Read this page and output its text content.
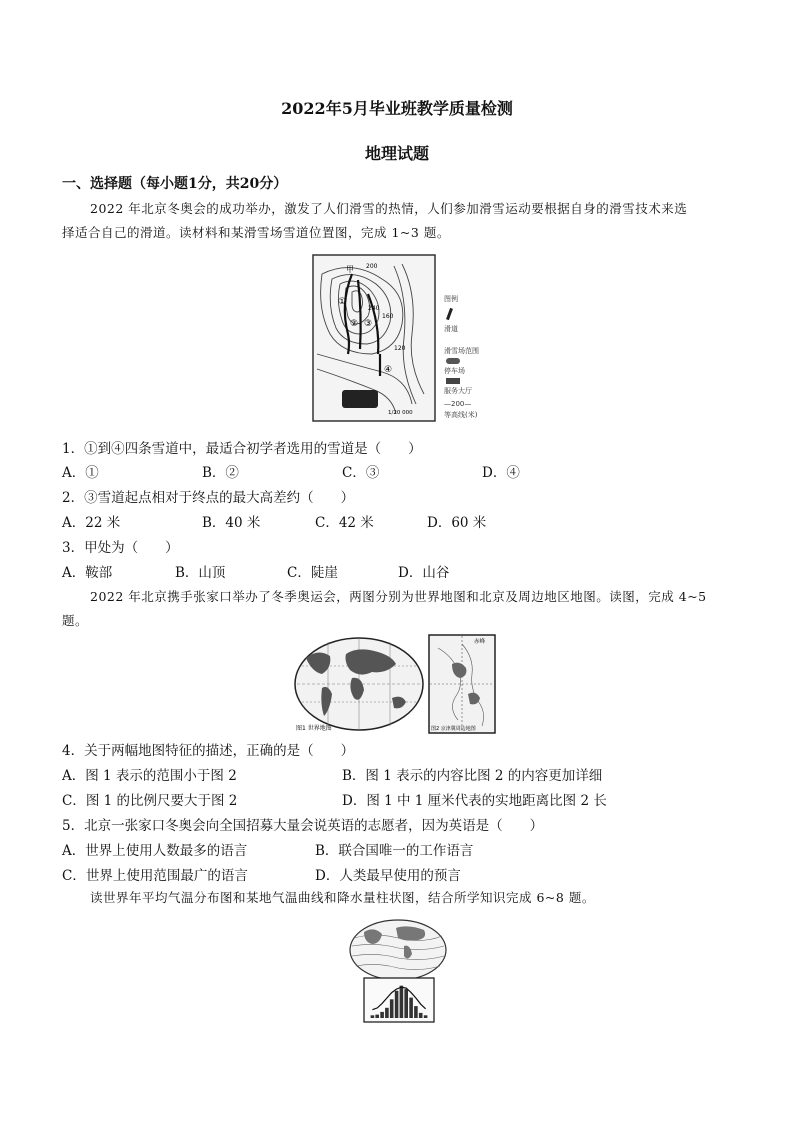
2022年5月毕业班教学质量检测
地理试题
一、选择题（每小题1分，共20分）
2022 年北京冬奥会的成功举办，激发了人们滑雪的热情，人们参加滑雪运动要根据自身的滑雪技术来选
择适合自己的滑道。读材料和某滑雪场雪道位置图，完成 1~3 题。
甲 200
240
160
120
①
② ③
④
1/20 000
图例
滑道
滑雪场范围
停车场
服务大厅
—200—
等高线(米)
1．①到④四条雪道中，最适合初学者选用的雪道是（　　）
A．①	B．②	C．③	D．④
2．③雪道起点相对于终点的最大高差约（　　）
A．22 米	B．40 米	C．42 米	D．60 米
3．甲处为（　　）
A．鞍部	B．山顶	C．陡崖	D．山谷
2022 年北京携手张家口举办了冬季奥运会，两图分别为世界地图和北京及周边地区地图。读图，完成 4~5
题。
图1 世界地图
赤峰
图2 京津冀周边地图
4．关于两幅地图特征的描述，正确的是（　　）
A．图 1 表示的范围小于图 2	B．图 1 表示的内容比图 2 的内容更加详细
C．图 1 的比例尺要大于图 2	D．图 1 中 1 厘米代表的实地距离比图 2 长
5．北京一张家口冬奥会向全国招募大量会说英语的志愿者，因为英语是（　　）
A．世界上使用人数最多的语言	B．联合国唯一的工作语言
C．世界上使用范围最广的语言	D．人类最早使用的预言
读世界年平均气温分布图和某地气温曲线和降水量柱状图，结合所学知识完成 6~8 题。
